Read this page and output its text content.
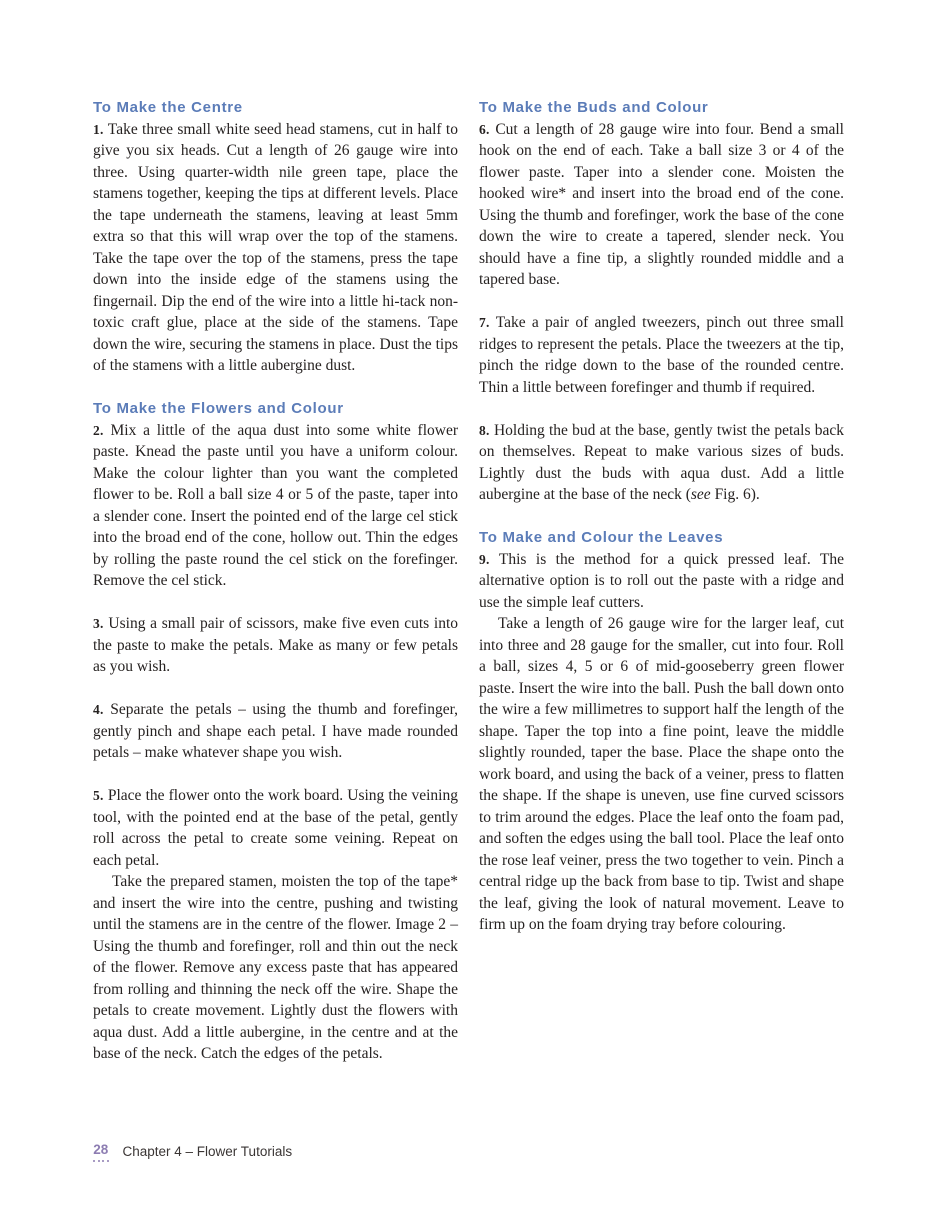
To Make the Centre

1. Take three small white seed head stamens, cut in half to give you six heads. Cut a length of 26 gauge wire into three. Using quarter-width nile green tape, place the stamens together, keeping the tips at different levels. Place the tape underneath the stamens, leaving at least 5mm extra so that this will wrap over the top of the stamens. Take the tape over the top of the stamens, press the tape down into the inside edge of the stamens using the fingernail. Dip the end of the wire into a little hi-tack non-toxic craft glue, place at the side of the stamens. Tape down the wire, securing the stamens in place. Dust the tips of the stamens with a little aubergine dust.

To Make the Flowers and Colour

2. Mix a little of the aqua dust into some white flower paste. Knead the paste until you have a uniform colour. Make the colour lighter than you want the completed flower to be. Roll a ball size 4 or 5 of the paste, taper into a slender cone. Insert the pointed end of the large cel stick into the broad end of the cone, hollow out. Thin the edges by rolling the paste round the cel stick on the forefinger. Remove the cel stick.

3. Using a small pair of scissors, make five even cuts into the paste to make the petals. Make as many or few petals as you wish.

4. Separate the petals – using the thumb and forefinger, gently pinch and shape each petal. I have made rounded petals – make whatever shape you wish.

5. Place the flower onto the work board. Using the veining tool, with the pointed end at the base of the petal, gently roll across the petal to create some veining. Repeat on each petal.

Take the prepared stamen, moisten the top of the tape* and insert the wire into the centre, pushing and twisting until the stamens are in the centre of the flower. Image 2 – Using the thumb and forefinger, roll and thin out the neck of the flower. Remove any excess paste that has appeared from rolling and thinning the neck off the wire. Shape the petals to create movement. Lightly dust the flowers with aqua dust. Add a little aubergine, in the centre and at the base of the neck. Catch the edges of the petals.

To Make the Buds and Colour

6. Cut a length of 28 gauge wire into four. Bend a small hook on the end of each. Take a ball size 3 or 4 of the flower paste. Taper into a slender cone. Moisten the hooked wire* and insert into the broad end of the cone. Using the thumb and forefinger, work the base of the cone down the wire to create a tapered, slender neck. You should have a fine tip, a slightly rounded middle and a tapered base.

7. Take a pair of angled tweezers, pinch out three small ridges to represent the petals. Place the tweezers at the tip, pinch the ridge down to the base of the rounded centre. Thin a little between forefinger and thumb if required.

8. Holding the bud at the base, gently twist the petals back on themselves. Repeat to make various sizes of buds. Lightly dust the buds with aqua dust. Add a little aubergine at the base of the neck (see Fig. 6).

To Make and Colour the Leaves

9. This is the method for a quick pressed leaf. The alternative option is to roll out the paste with a ridge and use the simple leaf cutters.

Take a length of 26 gauge wire for the larger leaf, cut into three and 28 gauge for the smaller, cut into four. Roll a ball, sizes 4, 5 or 6 of mid-gooseberry green flower paste. Insert the wire into the ball. Push the ball down onto the wire a few millimetres to support half the length of the shape. Taper the top into a fine point, leave the middle slightly rounded, taper the base. Place the shape onto the work board, and using the back of a veiner, press to flatten the shape. If the shape is uneven, use fine curved scissors to trim around the edges. Place the leaf onto the foam pad, and soften the edges using the ball tool. Place the leaf onto the rose leaf veiner, press the two together to vein. Pinch a central ridge up the back from base to tip. Twist and shape the leaf, giving the look of natural movement. Leave to firm up on the foam drying tray before colouring.

28 Chapter 4 – Flower Tutorials
